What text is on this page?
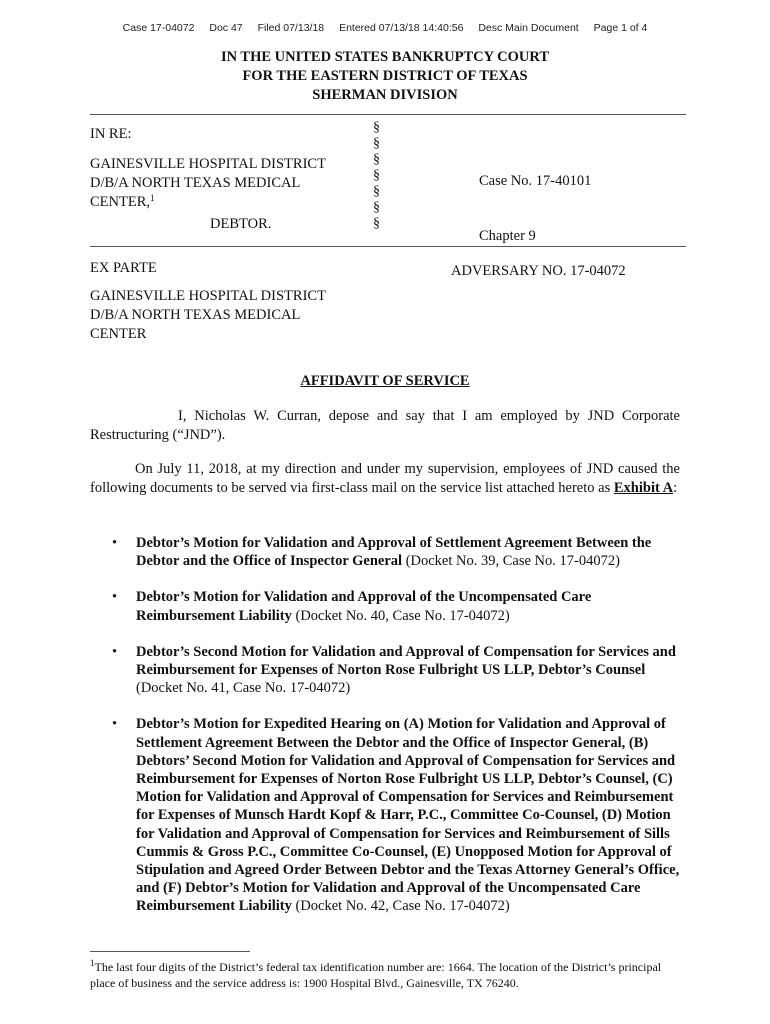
Case 17-04072 Doc 47 Filed 07/13/18 Entered 07/13/18 14:40:56 Desc Main Document Page 1 of 4
IN THE UNITED STATES BANKRUPTCY COURT
FOR THE EASTERN DISTRICT OF TEXAS
SHERMAN DIVISION
IN RE:
GAINESVILLE HOSPITAL DISTRICT
D/B/A NORTH TEXAS MEDICAL
CENTER,$^1$
DEBTOR.
§
§
§
§
§
§
§
Case No. 17-40101
Chapter 9
EX PARTE	ADVERSARY NO. 17-04072
GAINESVILLE HOSPITAL DISTRICT
D/B/A NORTH TEXAS MEDICAL
CENTER
AFFIDAVIT OF SERVICE
I, Nicholas W. Curran, depose and say that I am employed by JND Corporate Restructuring (“JND”).
On July 11, 2018, at my direction and under my supervision, employees of JND caused the following documents to be served via first-class mail on the service list attached hereto as Exhibit A:
• Debtor’s Motion for Validation and Approval of Settlement Agreement Between the Debtor and the Office of Inspector General (Docket No. 39, Case No. 17-04072)
• Debtor’s Motion for Validation and Approval of the Uncompensated Care Reimbursement Liability (Docket No. 40, Case No. 17-04072)
• Debtor’s Second Motion for Validation and Approval of Compensation for Services and Reimbursement for Expenses of Norton Rose Fulbright US LLP, Debtor’s Counsel (Docket No. 41, Case No. 17-04072)
• Debtor’s Motion for Expedited Hearing on (A) Motion for Validation and Approval of Settlement Agreement Between the Debtor and the Office of Inspector General, (B) Debtors’ Second Motion for Validation and Approval of Compensation for Services and Reimbursement for Expenses of Norton Rose Fulbright US LLP, Debtor’s Counsel, (C) Motion for Validation and Approval of Compensation for Services and Reimbursement for Expenses of Munsch Hardt Kopf & Harr, P.C., Committee Co-Counsel, (D) Motion for Validation and Approval of Compensation for Services and Reimbursement of Sills Cummis & Gross P.C., Committee Co-Counsel, (E) Unopposed Motion for Approval of Stipulation and Agreed Order Between Debtor and the Texas Attorney General’s Office, and (F) Debtor’s Motion for Validation and Approval of the Uncompensated Care Reimbursement Liability (Docket No. 42, Case No. 17-04072)
$^1$The last four digits of the District’s federal tax identification number are: 1664. The location of the District’s principal place of business and the service address is: 1900 Hospital Blvd., Gainesville, TX 76240.
